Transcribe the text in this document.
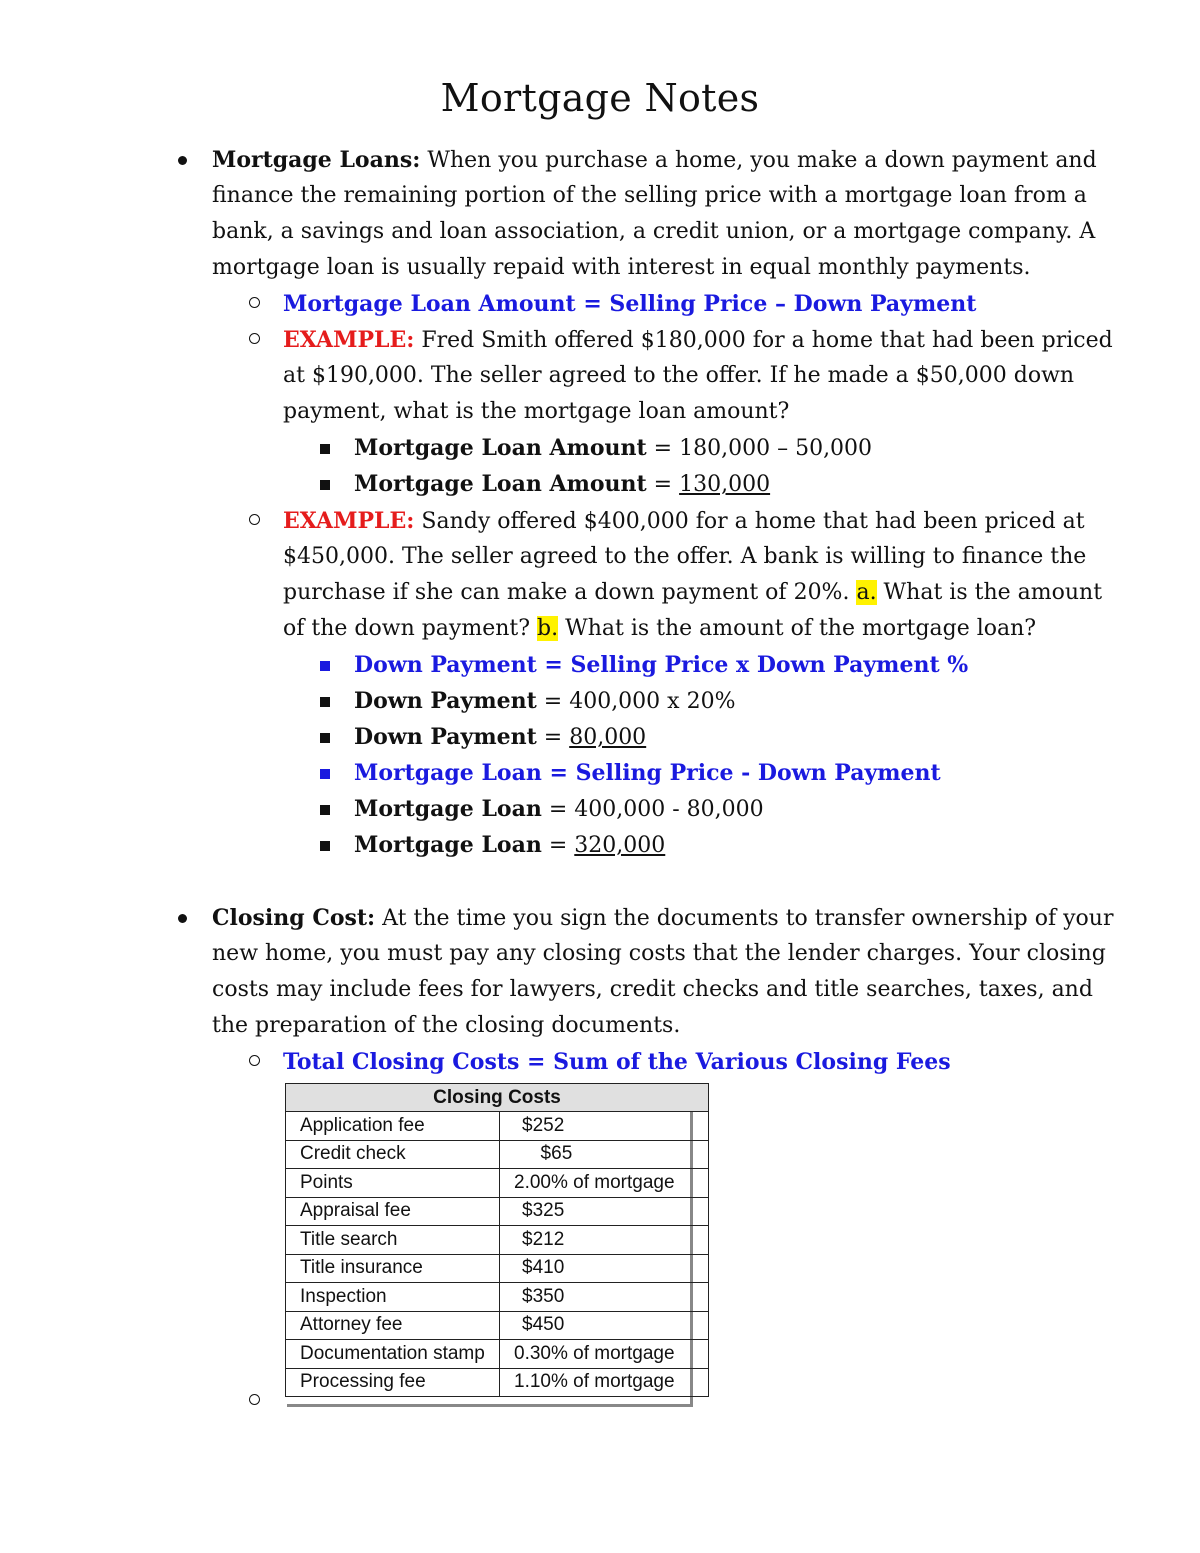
Mortgage Notes
Mortgage Loans: When you purchase a home, you make a down payment and
finance the remaining portion of the selling price with a mortgage loan from a
bank, a savings and loan association, a credit union, or a mortgage company. A
mortgage loan is usually repaid with interest in equal monthly payments.
Mortgage Loan Amount = Selling Price – Down Payment
EXAMPLE: Fred Smith offered $180,000 for a home that had been priced
at $190,000. The seller agreed to the offer. If he made a $50,000 down
payment, what is the mortgage loan amount?
Mortgage Loan Amount = 180,000 – 50,000
Mortgage Loan Amount = 130,000
EXAMPLE: Sandy offered $400,000 for a home that had been priced at
$450,000. The seller agreed to the offer. A bank is willing to finance the
purchase if she can make a down payment of 20%. a. What is the amount
of the down payment? b. What is the amount of the mortgage loan?
Down Payment = Selling Price x Down Payment %
Down Payment = 400,000 x 20%
Down Payment = 80,000
Mortgage Loan = Selling Price - Down Payment
Mortgage Loan = 400,000 - 80,000
Mortgage Loan = 320,000
Closing Cost: At the time you sign the documents to transfer ownership of your
new home, you must pay any closing costs that the lender charges. Your closing
costs may include fees for lawyers, credit checks and title searches, taxes, and
the preparation of the closing documents.
Total Closing Costs = Sum of the Various Closing Fees
Closing Costs	
Application fee	$252
Credit check	$65
Points	2.00% of mortgage
Appraisal fee	$325
Title search	$212
Title insurance	$410
Inspection	$350
Attorney fee	$450
Documentation stamp	0.30% of mortgage
Processing fee	1.10% of mortgage
